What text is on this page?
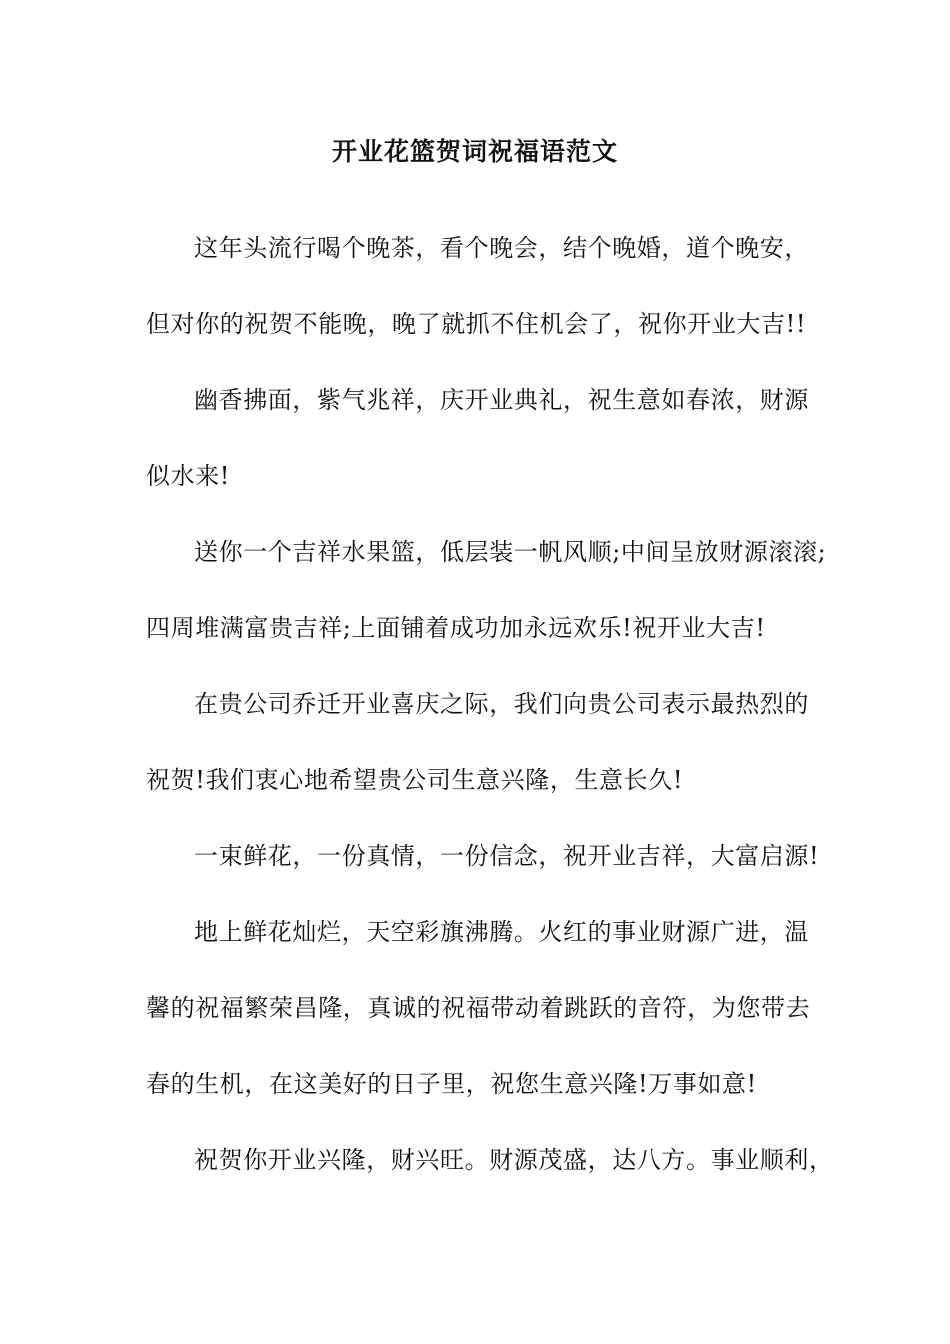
开业花篮贺词祝福语范文
这年头流行喝个晚茶，看个晚会，结个晚婚，道个晚安，
但对你的祝贺不能晚，晚了就抓不住机会了，祝你开业大吉!!
幽香拂面，紫气兆祥，庆开业典礼，祝生意如春浓，财源
似水来!
送你一个吉祥水果篮，低层装一帆风顺;中间呈放财源滚滚;
四周堆满富贵吉祥;上面铺着成功加永远欢乐!祝开业大吉!
在贵公司乔迁开业喜庆之际，我们向贵公司表示最热烈的
祝贺!我们衷心地希望贵公司生意兴隆，生意长久!
一束鲜花，一份真情，一份信念，祝开业吉祥，大富启源!
地上鲜花灿烂，天空彩旗沸腾。火红的事业财源广进，温
馨的祝福繁荣昌隆，真诚的祝福带动着跳跃的音符，为您带去
春的生机，在这美好的日子里，祝您生意兴隆!万事如意!
祝贺你开业兴隆，财兴旺。财源茂盛，达八方。事业顺利，
